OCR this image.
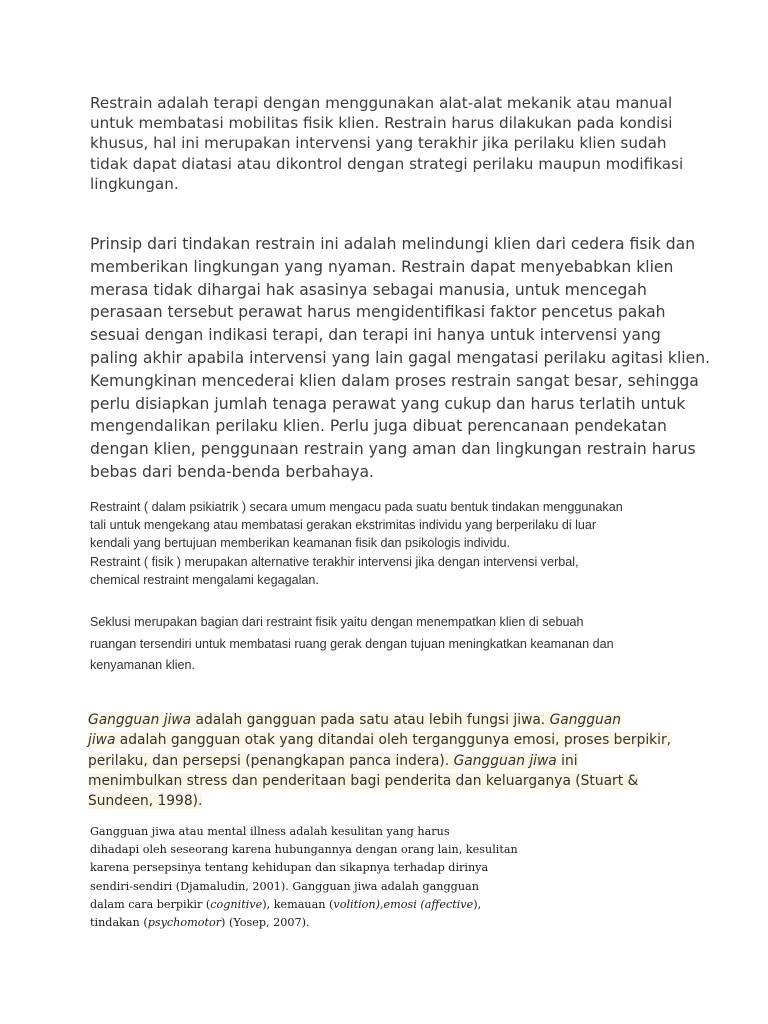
Restrain adalah terapi dengan menggunakan alat-alat mekanik atau manual
untuk membatasi mobilitas fisik klien. Restrain harus dilakukan pada kondisi
khusus, hal ini merupakan intervensi yang terakhir jika perilaku klien sudah
tidak dapat diatasi atau dikontrol dengan strategi perilaku maupun modifikasi
lingkungan.

Prinsip dari tindakan restrain ini adalah melindungi klien dari cedera fisik dan
memberikan lingkungan yang nyaman. Restrain dapat menyebabkan klien
merasa tidak dihargai hak asasinya sebagai manusia, untuk mencegah
perasaan tersebut perawat harus mengidentifikasi faktor pencetus pakah
sesuai dengan indikasi terapi, dan terapi ini hanya untuk intervensi yang
paling akhir apabila intervensi yang lain gagal mengatasi perilaku agitasi klien.
Kemungkinan mencederai klien dalam proses restrain sangat besar, sehingga
perlu disiapkan jumlah tenaga perawat yang cukup dan harus terlatih untuk
mengendalikan perilaku klien. Perlu juga dibuat perencanaan pendekatan
dengan klien, penggunaan restrain yang aman dan lingkungan restrain harus
bebas dari benda-benda berbahaya.

Restraint ( dalam psikiatrik ) secara umum mengacu pada suatu bentuk tindakan menggunakan
tali untuk mengekang atau membatasi gerakan ekstrimitas individu yang berperilaku di luar
kendali yang bertujuan memberikan keamanan fisik dan psikologis individu.
Restraint ( fisik ) merupakan alternative terakhir intervensi jika dengan intervensi verbal,
chemical restraint mengalami kegagalan.

Seklusi merupakan bagian dari restraint fisik yaitu dengan menempatkan klien di sebuah
ruangan tersendiri untuk membatasi ruang gerak dengan tujuan meningkatkan keamanan dan
kenyamanan klien.

Gangguan jiwa adalah gangguan pada satu atau lebih fungsi jiwa. Gangguan
jiwa adalah gangguan otak yang ditandai oleh terganggunya emosi, proses berpikir,
perilaku, dan persepsi (penangkapan panca indera). Gangguan jiwa ini
menimbulkan stress dan penderitaan bagi penderita dan keluarganya (Stuart &
Sundeen, 1998).

Gangguan jiwa atau mental illness adalah kesulitan yang harus
dihadapi oleh seseorang karena hubungannya dengan orang lain, kesulitan
karena persepsinya tentang kehidupan dan sikapnya terhadap dirinya
sendiri-sendiri (Djamaludin, 2001). Gangguan jiwa adalah gangguan
dalam cara berpikir (cognitive), kemauan (volition),emosi (affective),
tindakan (psychomotor) (Yosep, 2007).
